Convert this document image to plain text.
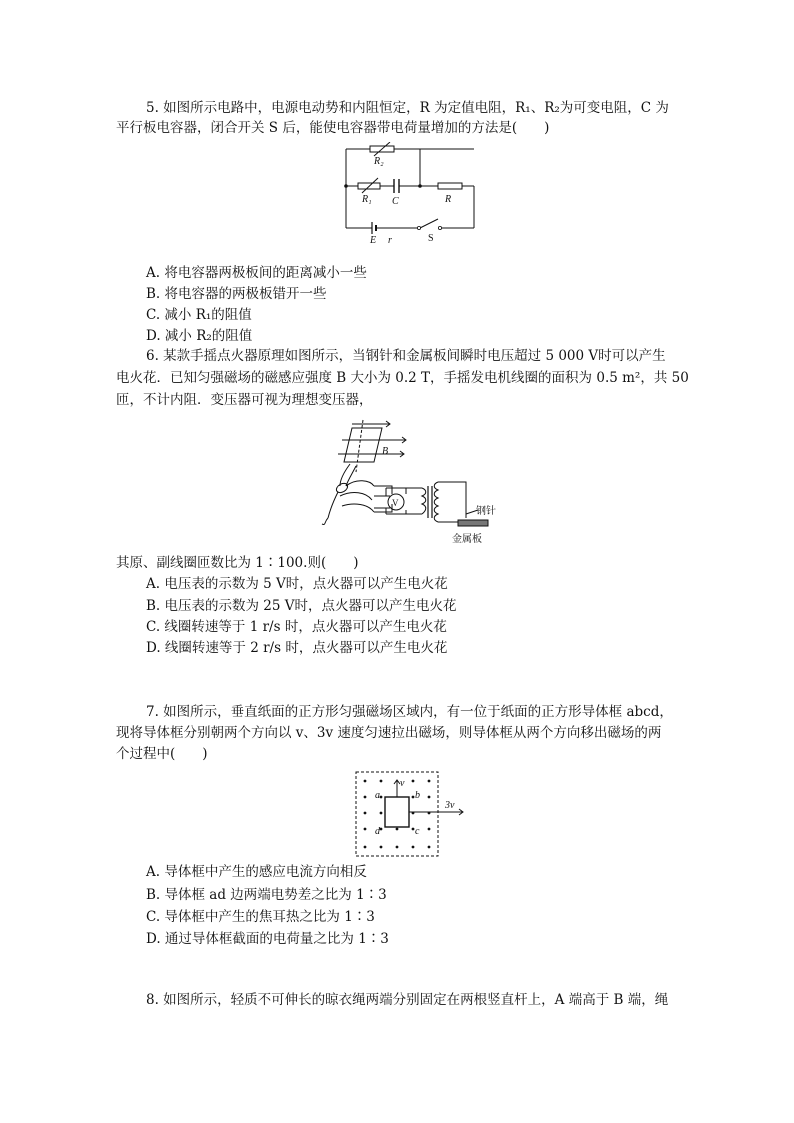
5. 如图所示电路中，电源电动势和内阻恒定，R 为定值电阻，R₁、R₂为可变电阻，C 为
平行板电容器，闭合开关 S 后，能使电容器带电荷量增加的方法是(　　)
R₂
R₁ C	R
E r	S
A. 将电容器两极板间的距离减小一些
B. 将电容器的两极板错开一些
C. 减小 R₁的阻值
D. 减小 R₂的阻值
6. 某款手摇点火器原理如图所示，当钢针和金属板间瞬时电压超过 5 000 V时可以产生
电火花．已知匀强磁场的磁感应强度 B 大小为 0.2 T，手摇发电机线圈的面积为 0.5 m²，共 50
匝，不计内阻．变压器可视为理想变压器，
B
V
钢针
金属板
其原、副线圈匝数比为 1∶100.则(　　)
A. 电压表的示数为 5 V时，点火器可以产生电火花
B. 电压表的示数为 25 V时，点火器可以产生电火花
C. 线圈转速等于 1 r/s 时，点火器可以产生电火花
D. 线圈转速等于 2 r/s 时，点火器可以产生电火花
7. 如图所示，垂直纸面的正方形匀强磁场区域内，有一位于纸面的正方形导体框 abcd，
现将导体框分别朝两个方向以 v、3v 速度匀速拉出磁场，则导体框从两个方向移出磁场的两
个过程中(　　)
a	b
c
d
v
3v
A. 导体框中产生的感应电流方向相反
B. 导体框 ad 边两端电势差之比为 1∶3
C. 导体框中产生的焦耳热之比为 1∶3
D. 通过导体框截面的电荷量之比为 1∶3
8. 如图所示，轻质不可伸长的晾衣绳两端分别固定在两根竖直杆上，A 端高于 B 端，绳
